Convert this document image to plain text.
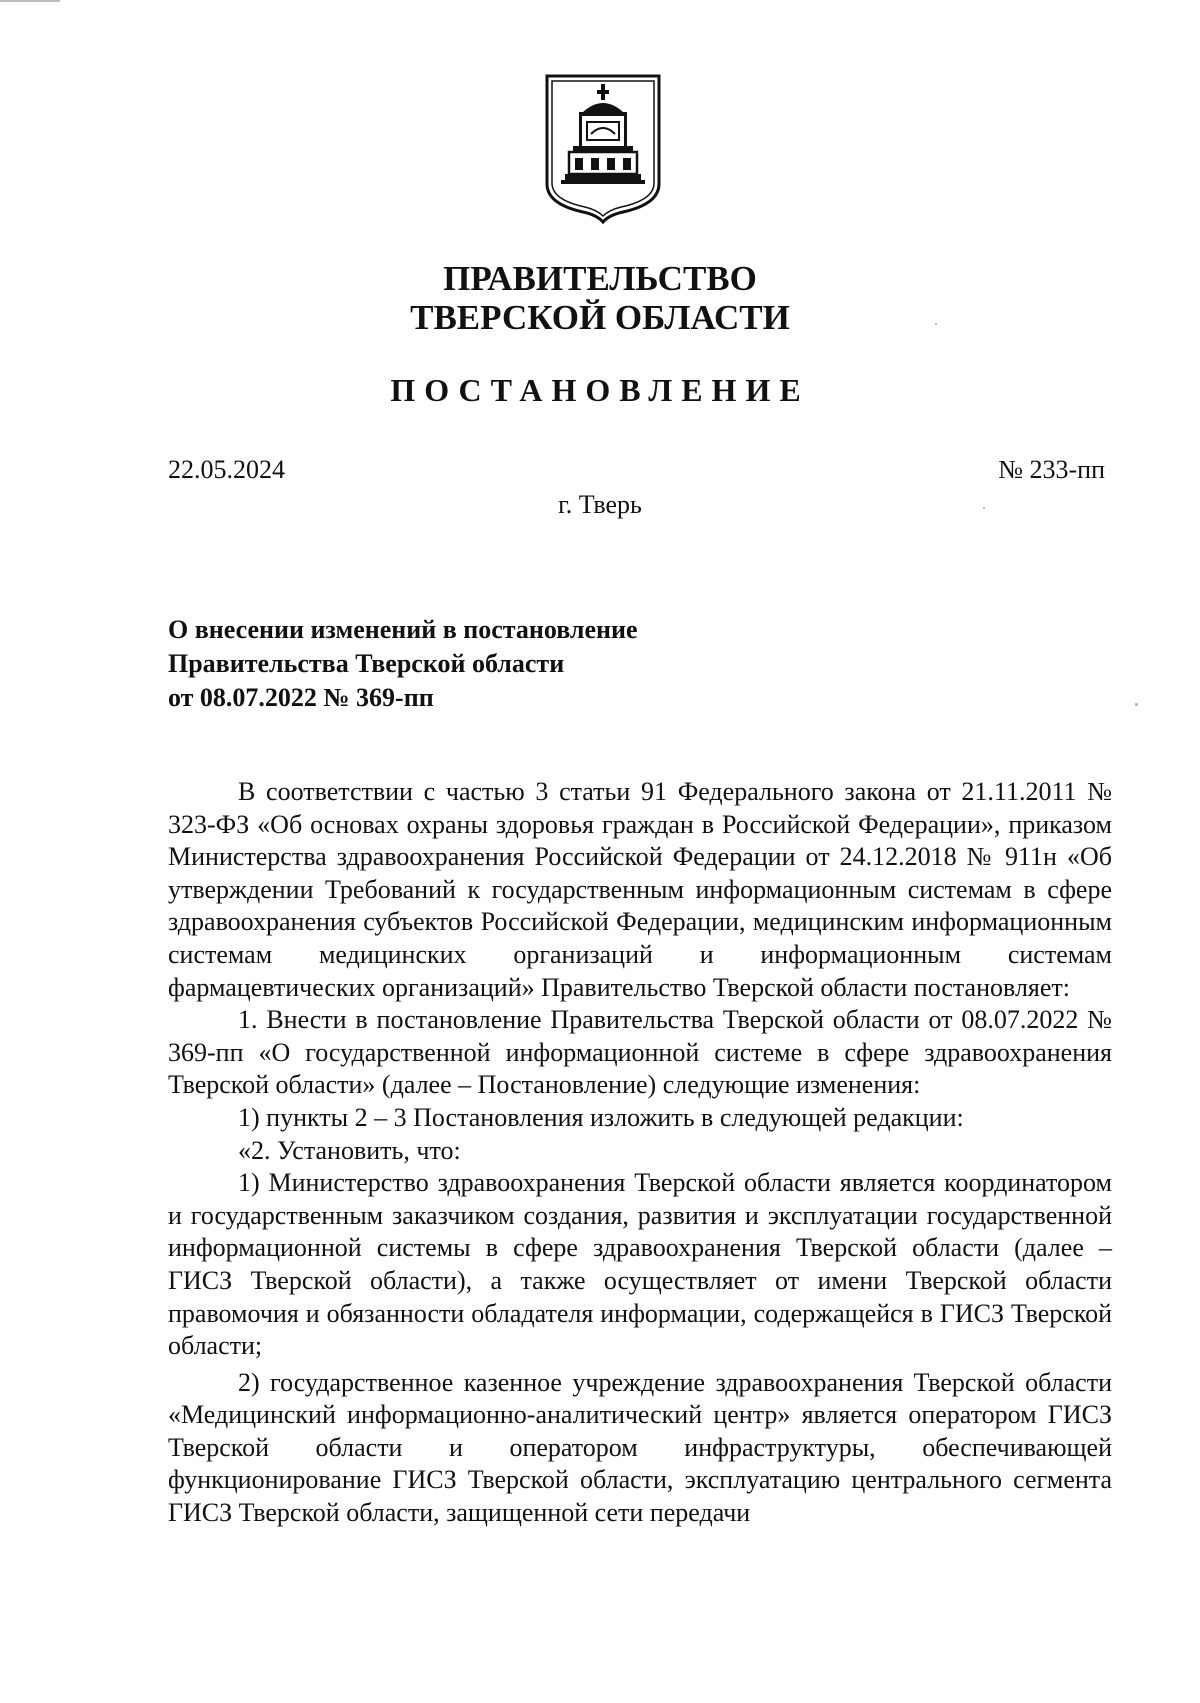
ПРАВИТЕЛЬСТВО
ТВЕРСКОЙ ОБЛАСТИ
ПОСТАНОВЛЕНИЕ
22.05.2024	№ 233-пп
г. Тверь
О внесении изменений в постановление
Правительства Тверской области
от 08.07.2022 № 369-пп

В соответствии с частью 3 статьи 91 Федерального закона от 21.11.2011 № 323-ФЗ «Об основах охраны здоровья граждан в Российской Федерации», приказом Министерства здравоохранения Российской Федерации от 24.12.2018 № 911н «Об утверждении Требований к государственным информационным системам в сфере здравоохранения субъектов Российской Федерации, медицинским информационным системам медицинских организаций и информационным системам фармацевтических организаций» Правительство Тверской области постановляет:

1. Внести в постановление Правительства Тверской области от 08.07.2022 № 369-пп «О государственной информационной системе в сфере здравоохранения Тверской области» (далее – Постановление) следующие изменения:

1) пункты 2 – 3 Постановления изложить в следующей редакции:

«2. Установить, что:

1) Министерство здравоохранения Тверской области является координатором и государственным заказчиком создания, развития и эксплуатации государственной информационной системы в сфере здравоохранения Тверской области (далее – ГИСЗ Тверской области), а также осуществляет от имени Тверской области правомочия и обязанности обладателя информации, содержащейся в ГИСЗ Тверской области;

2) государственное казенное учреждение здравоохранения Тверской области «Медицинский информационно-аналитический центр» является оператором ГИСЗ Тверской области и оператором инфраструктуры, обеспечивающей функционирование ГИСЗ Тверской области, эксплуатацию центрального сегмента ГИСЗ Тверской области, защищенной сети передачи
